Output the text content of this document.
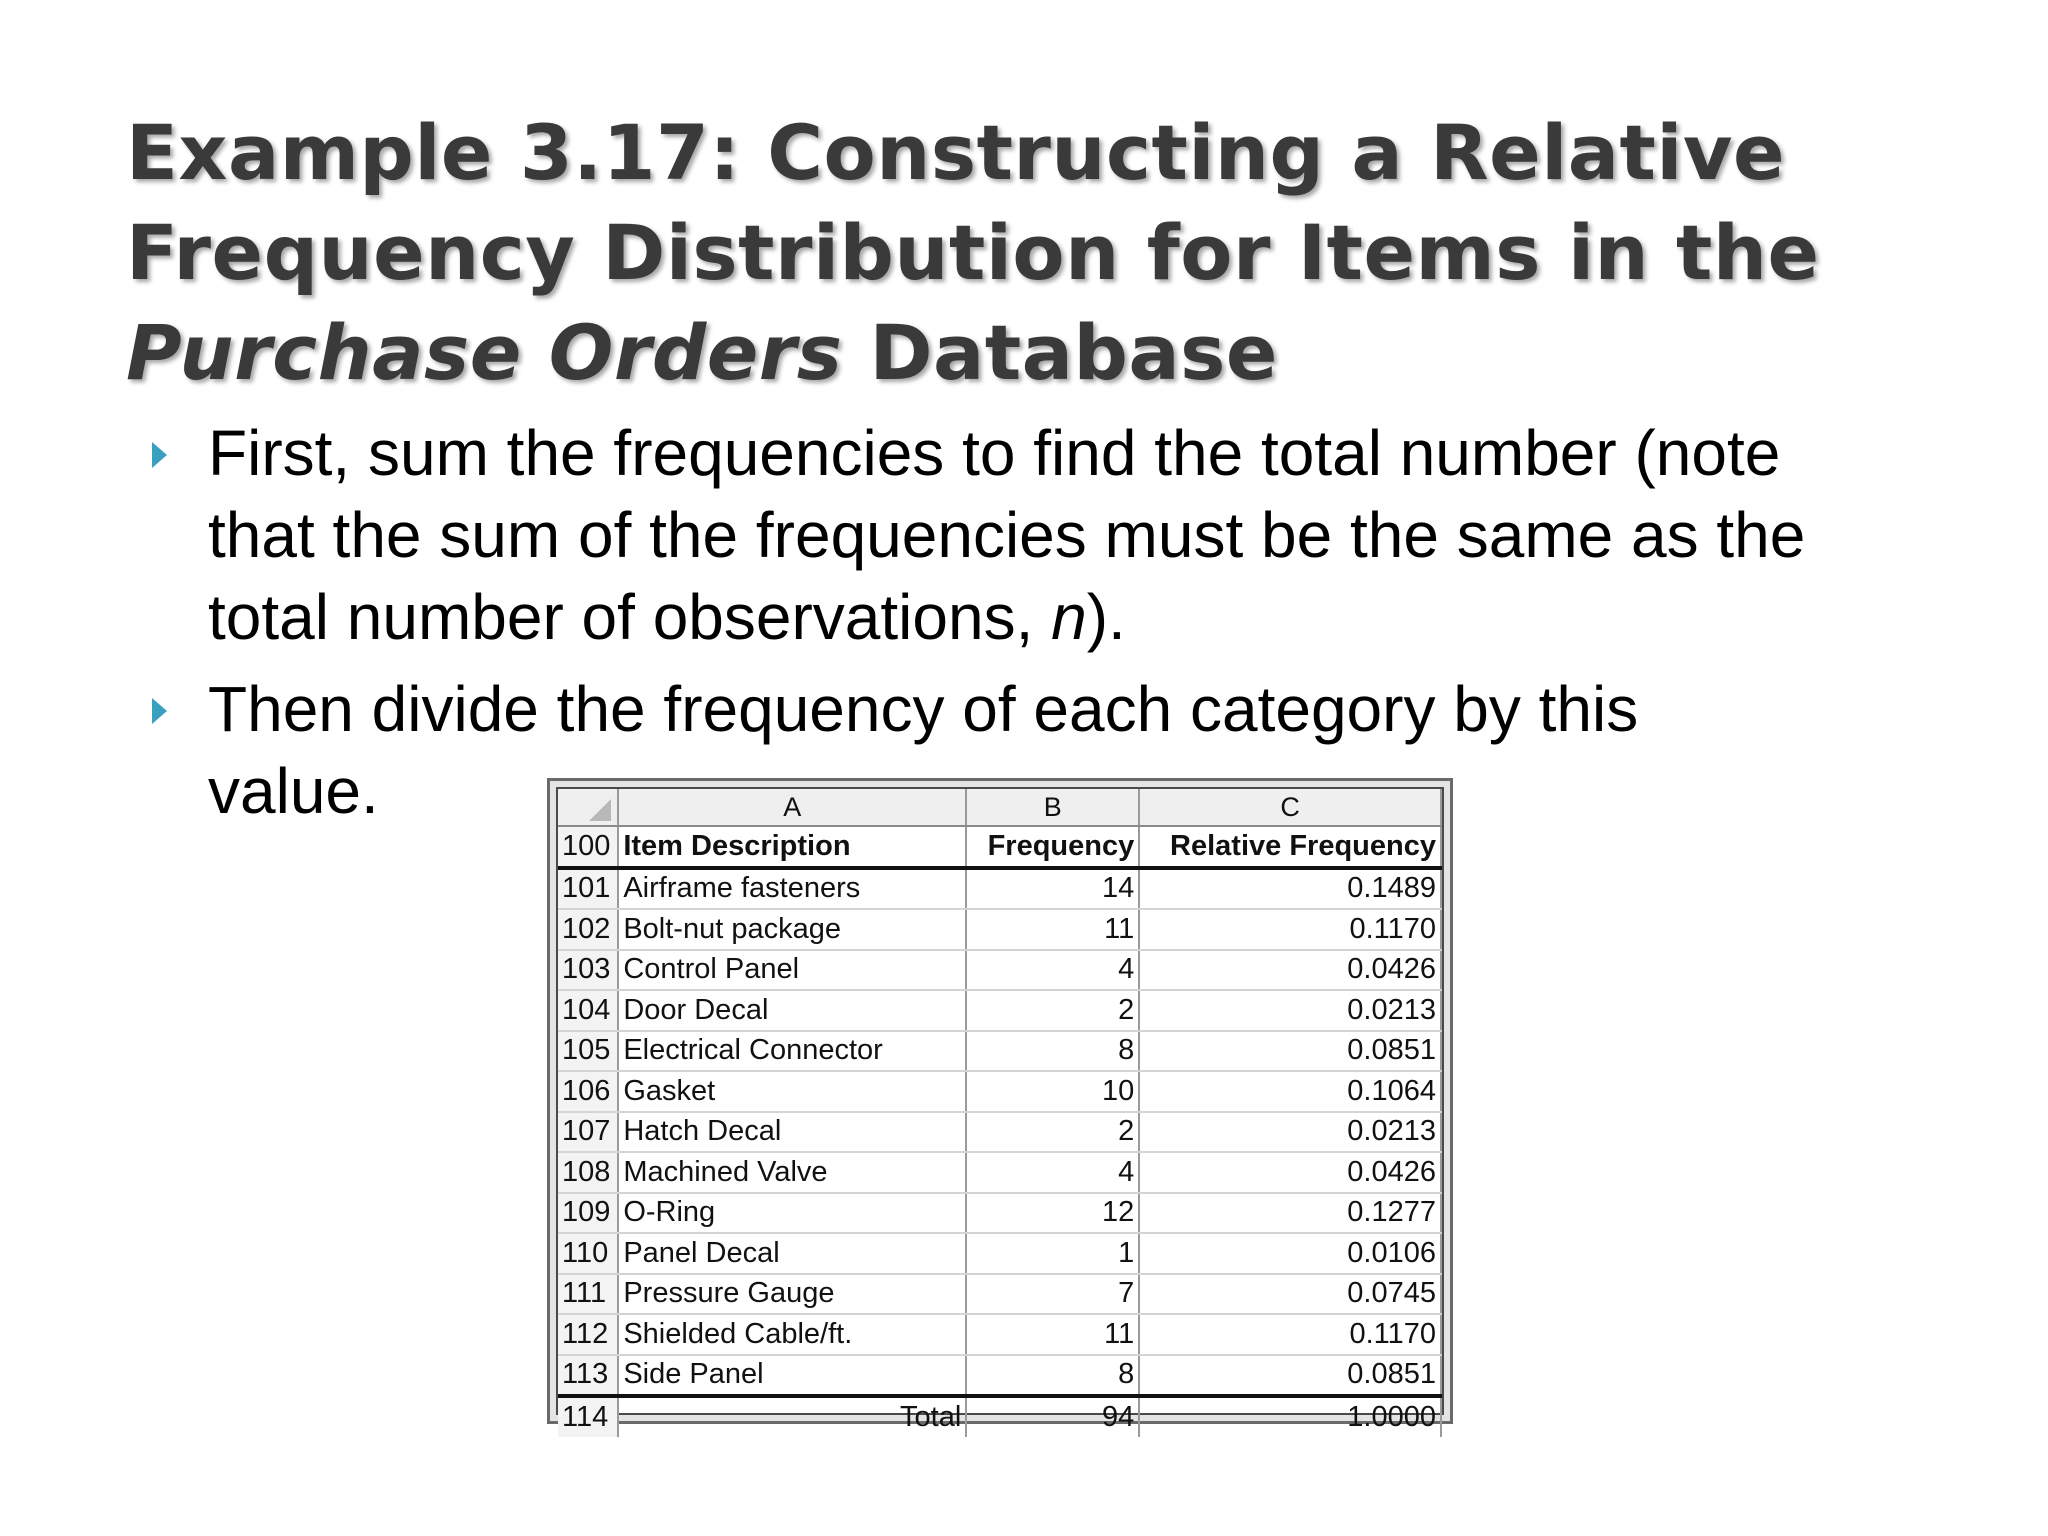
Example 3.17: Constructing a Relative
Frequency Distribution for Items in the
Purchase Orders Database
First, sum the frequencies to find the total number (note
that the sum of the frequencies must be the same as the
total number of observations, n).
Then divide the frequency of each category by this
value.
		A	B	C
100	Item Description	Frequency	Relative Frequency
101	Airframe fasteners	14	0.1489
102	Bolt-nut package	11	0.1170
103	Control Panel	4	0.0426
104	Door Decal	2	0.0213
105	Electrical Connector	8	0.0851
106	Gasket	10	0.1064
107	Hatch Decal	2	0.0213
108	Machined Valve	4	0.0426
109	O-Ring	12	0.1277
110	Panel Decal	1	0.0106
111	Pressure Gauge	7	0.0745
112	Shielded Cable/ft.	11	0.1170
113	Side Panel	8	0.0851
114	Total	94	1.0000
